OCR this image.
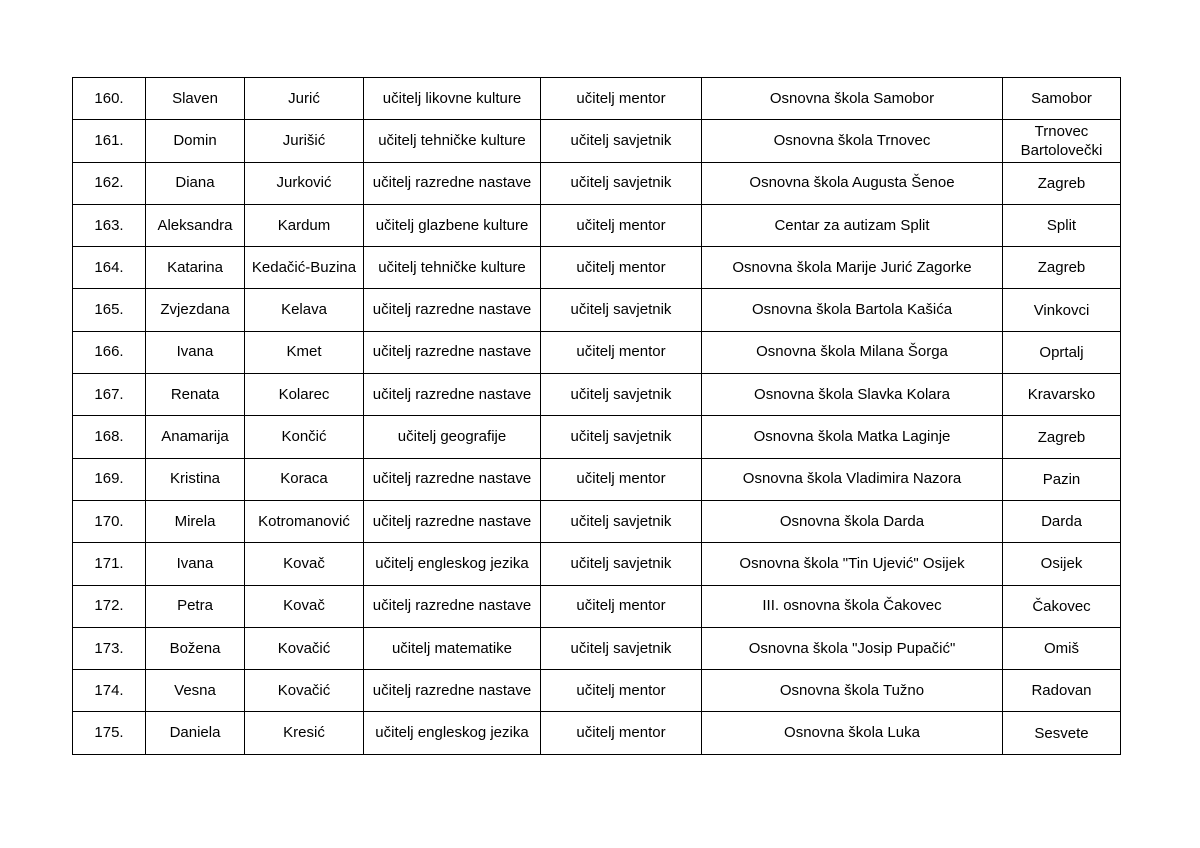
160.	Slaven	Jurić	učitelj likovne kulture	učitelj mentor	Osnovna škola Samobor	Samobor
161.	Domin	Jurišić	učitelj tehničke kulture	učitelj savjetnik	Osnovna škola Trnovec	Trnovec Bartolovečki
162.	Diana	Jurković	učitelj razredne nastave	učitelj savjetnik	Osnovna škola Augusta Šenoe	Zagreb
163.	Aleksandra	Kardum	učitelj glazbene kulture	učitelj mentor	Centar za autizam Split	Split
164.	Katarina	Kedačić-Buzina	učitelj tehničke kulture	učitelj mentor	Osnovna škola Marije Jurić Zagorke	Zagreb
165.	Zvjezdana	Kelava	učitelj razredne nastave	učitelj savjetnik	Osnovna škola Bartola Kašića	Vinkovci
166.	Ivana	Kmet	učitelj razredne nastave	učitelj mentor	Osnovna škola Milana Šorga	Oprtalj
167.	Renata	Kolarec	učitelj razredne nastave	učitelj savjetnik	Osnovna škola Slavka Kolara	Kravarsko
168.	Anamarija	Končić	učitelj geografije	učitelj savjetnik	Osnovna škola Matka Laginje	Zagreb
169.	Kristina	Koraca	učitelj razredne nastave	učitelj mentor	Osnovna škola Vladimira Nazora	Pazin
170.	Mirela	Kotromanović	učitelj razredne nastave	učitelj savjetnik	Osnovna škola Darda	Darda
171.	Ivana	Kovač	učitelj engleskog jezika	učitelj savjetnik	Osnovna škola "Tin Ujević" Osijek	Osijek
172.	Petra	Kovač	učitelj razredne nastave	učitelj mentor	III. osnovna škola Čakovec	Čakovec
173.	Božena	Kovačić	učitelj matematike	učitelj savjetnik	Osnovna škola "Josip Pupačić"	Omiš
174.	Vesna	Kovačić	učitelj razredne nastave	učitelj mentor	Osnovna škola Tužno	Radovan
175.	Daniela	Kresić	učitelj engleskog jezika	učitelj mentor	Osnovna škola Luka	Sesvete
